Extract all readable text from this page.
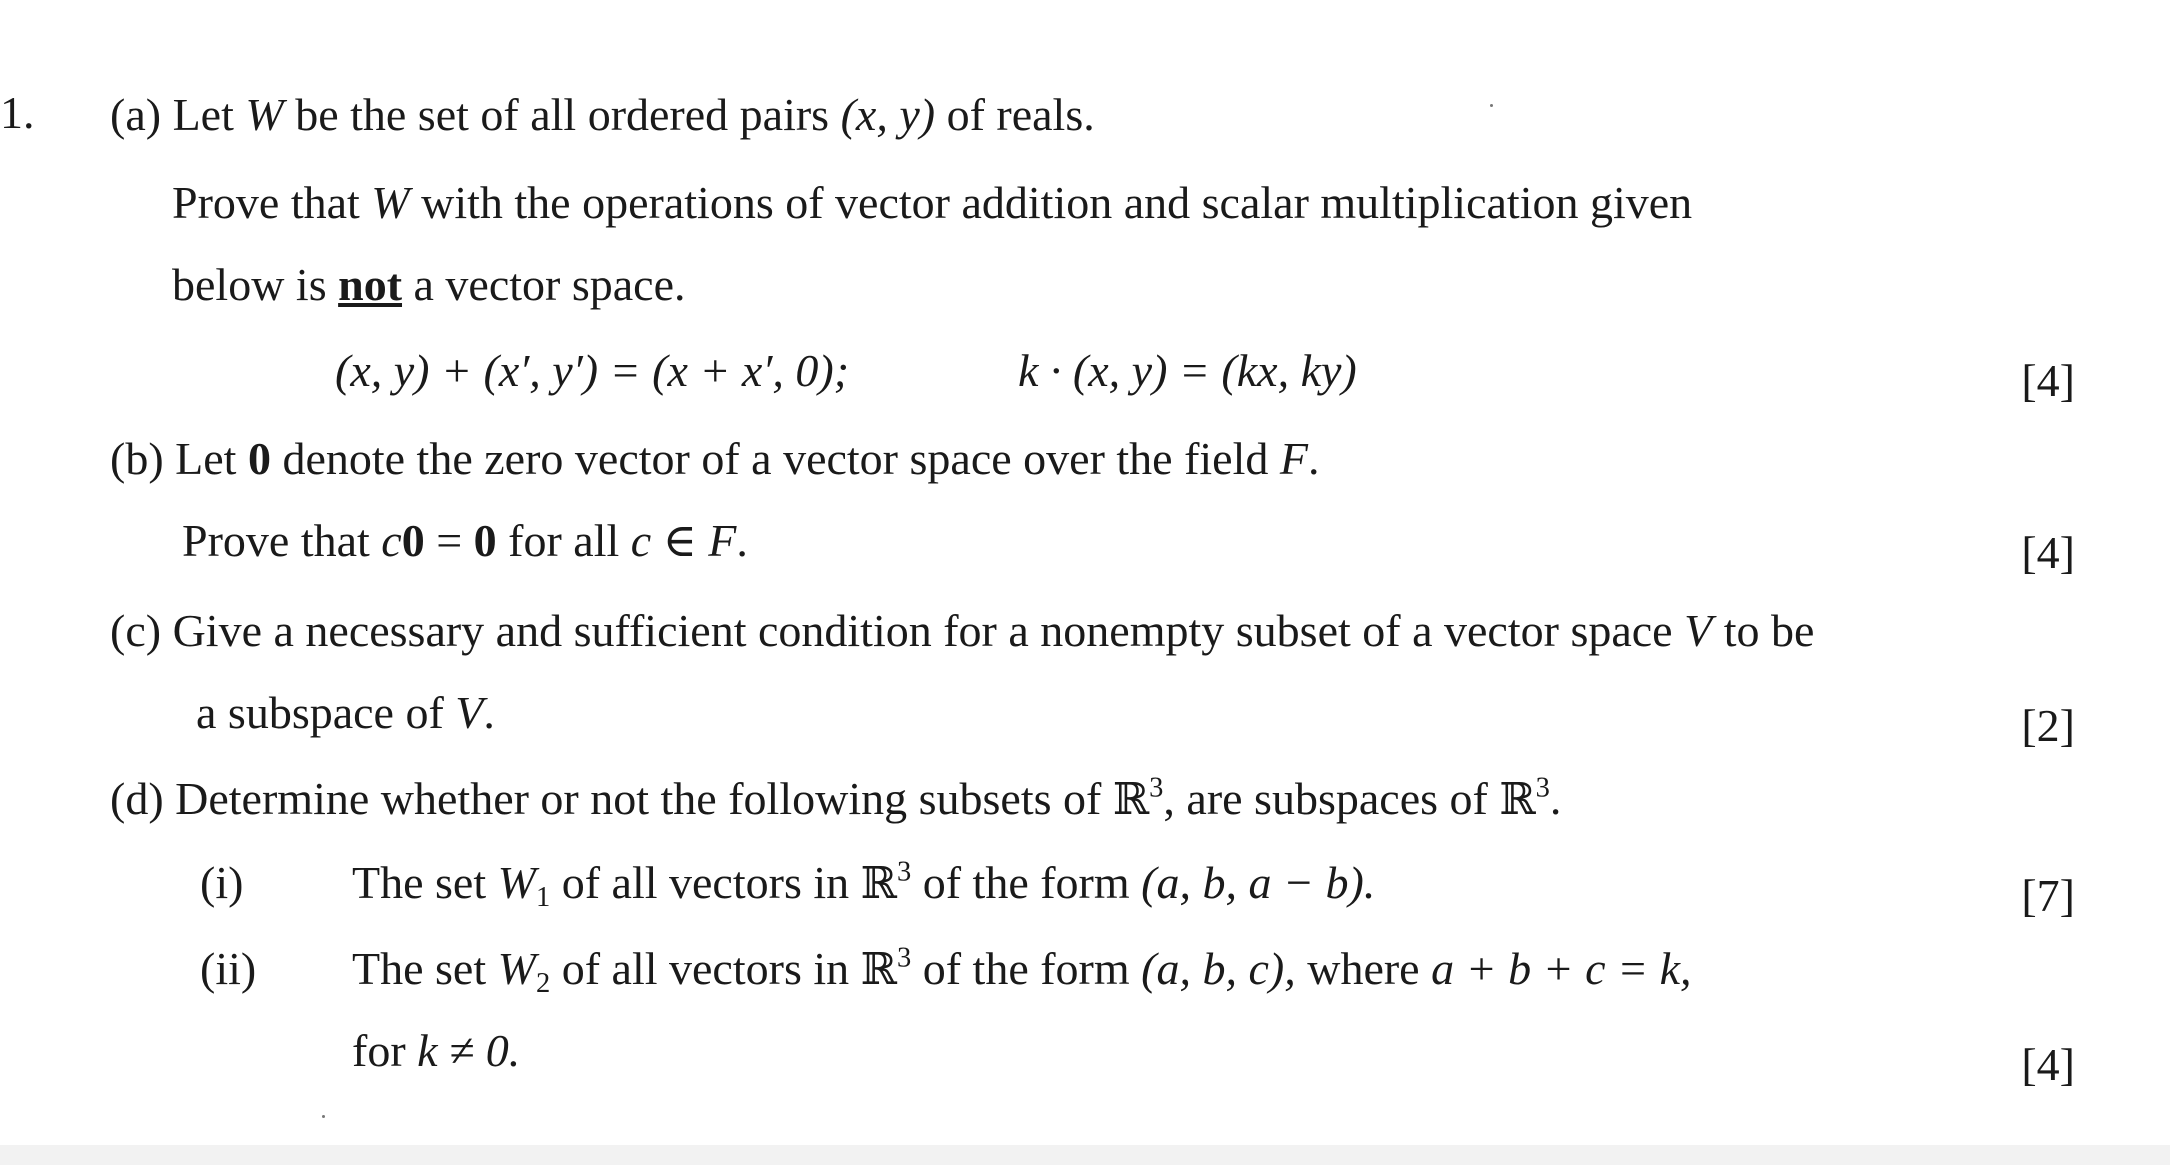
1. (a) Let W be the set of all ordered pairs (x, y) of reals.
Prove that W with the operations of vector addition and scalar multiplication given
below is not a vector space.
(x, y) + (x′, y′) = (x + x′, 0);	k · (x, y) = (kx, ky)	[4]
(b) Let 0 denote the zero vector of a vector space over the field F.
Prove that c0 = 0 for all c ∈ F.	[4]
(c) Give a necessary and sufficient condition for a nonempty subset of a vector space V to be
a subspace of V.	[2]
(d) Determine whether or not the following subsets of ℝ$^3$, are subspaces of ℝ$^3$.
(i) The set $W_1$ of all vectors in ℝ$^3$ of the form (a, b, a − b).	[7]
(ii) The set $W_2$ of all vectors in ℝ$^3$ of the form (a, b, c), where a + b + c = k,
for k ≠ 0.	[4]
